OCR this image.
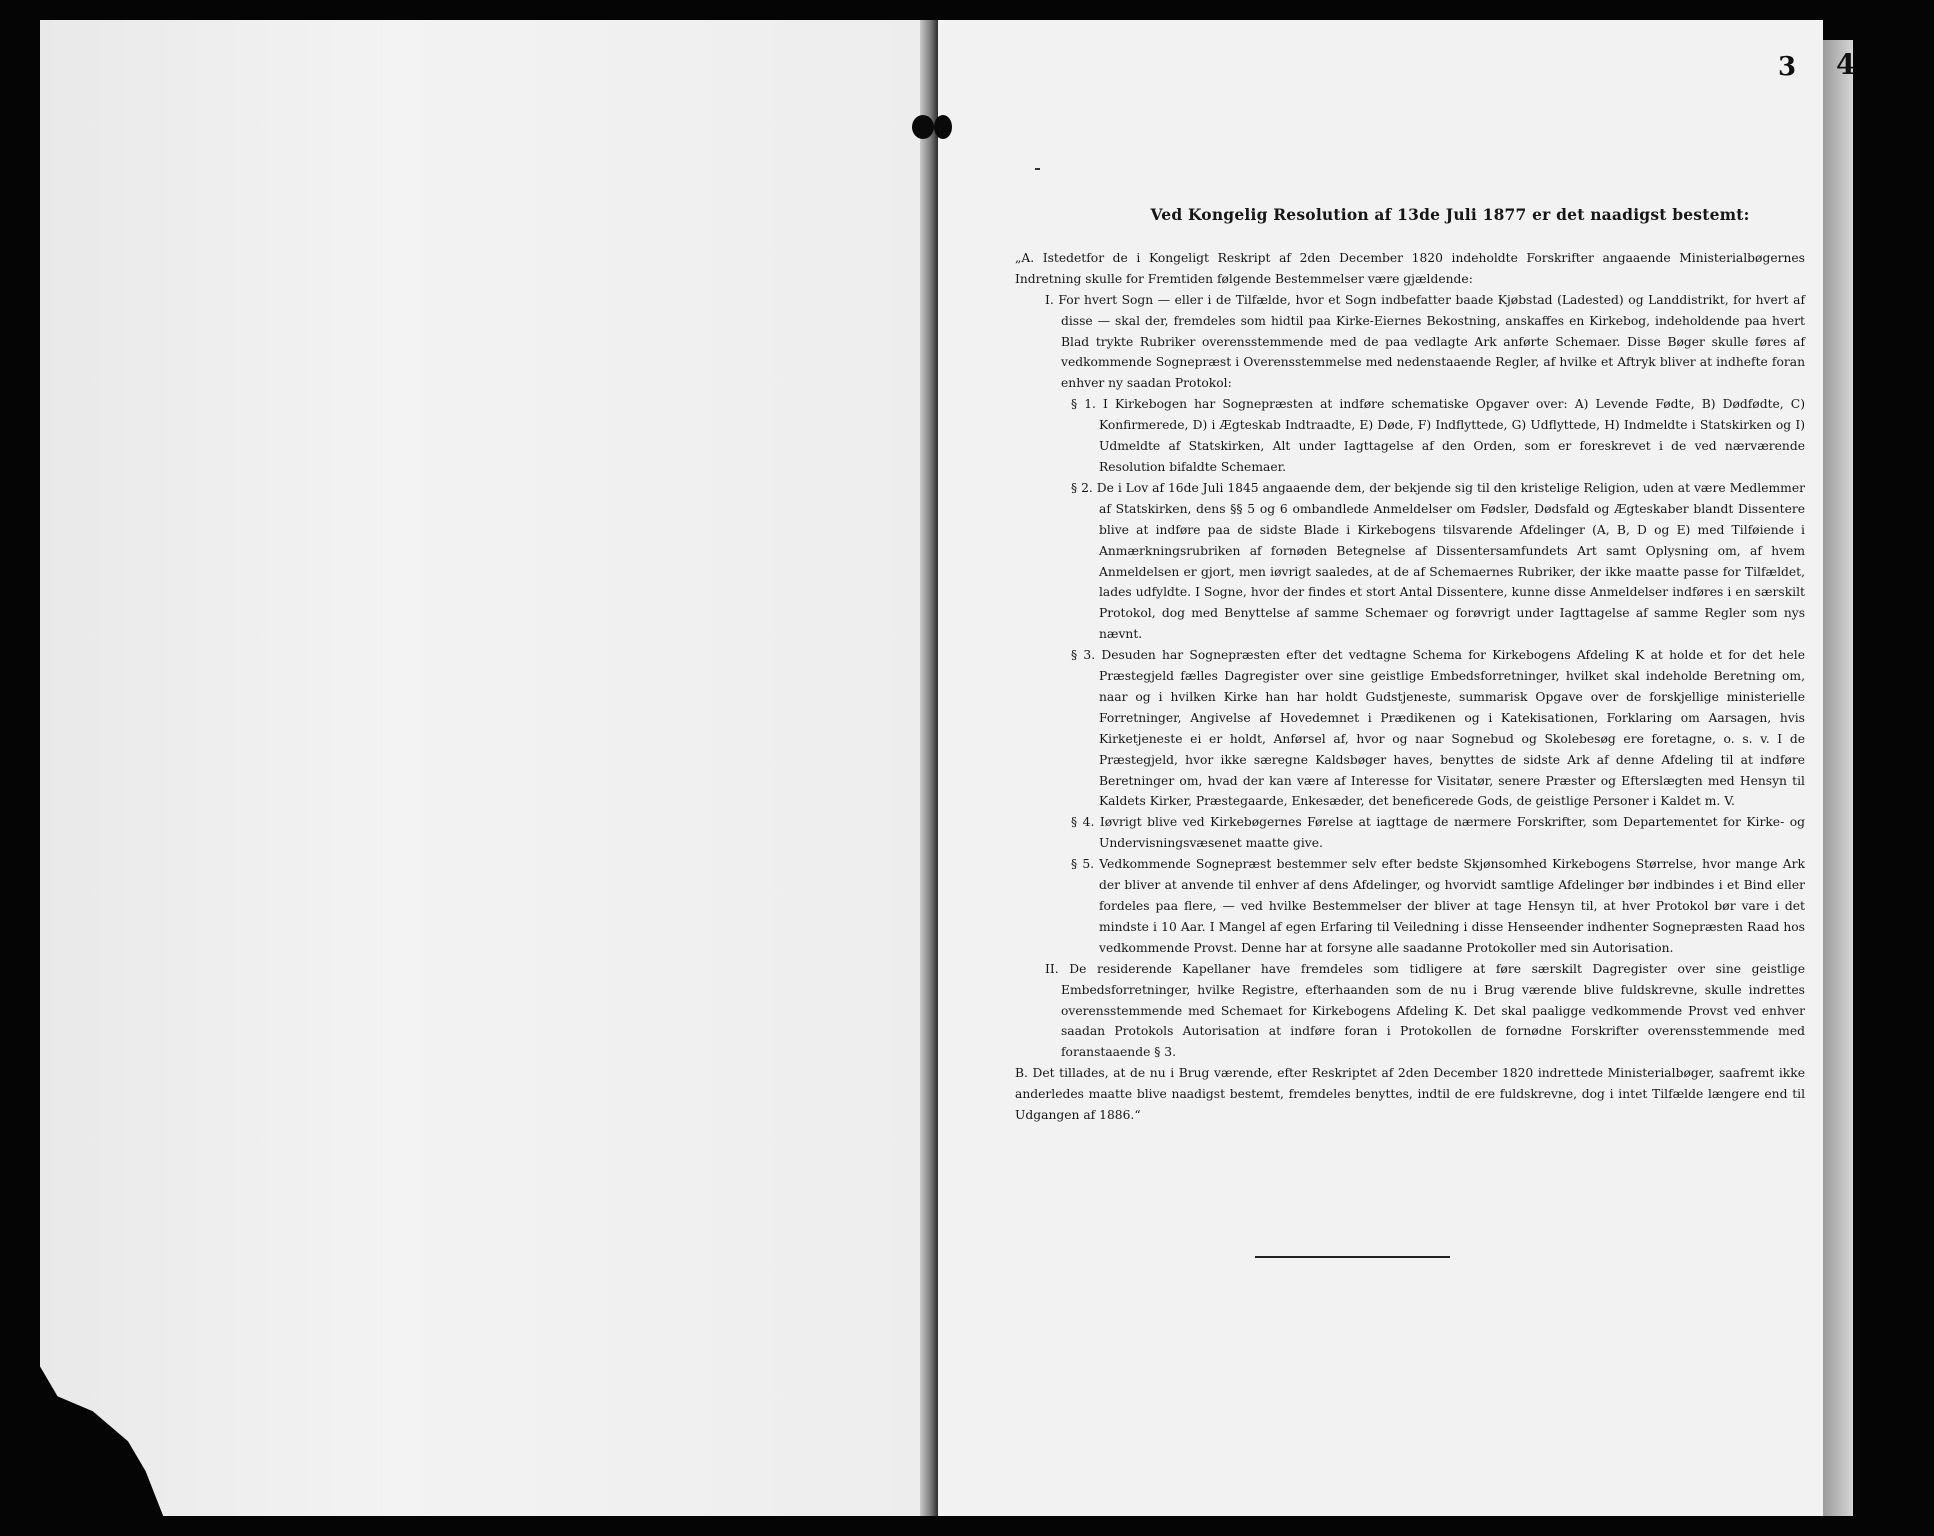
3 4
Ved Kongelig Resolution af 13de Juli 1877 er det naadigst bestemt:

„A. Istedetfor de i Kongeligt Reskript af 2den December 1820 indeholdte Forskrifter angaaende Ministerialbøgernes Indretning skulle for Fremtiden følgende Bestemmelser være gjældende:

I. For hvert Sogn — eller i de Tilfælde, hvor et Sogn indbefatter baade Kjøbstad (Ladested) og Landdistrikt, for hvert af disse — skal der, fremdeles som hidtil paa Kirke-Eiernes Bekostning, anskaffes en Kirkebog, indeholdende paa hvert Blad trykte Rubriker overensstemmende med de paa vedlagte Ark anførte Schemaer. Disse Bøger skulle føres af vedkommende Sognepræst i Overensstemmelse med nedenstaaende Regler, af hvilke et Aftryk bliver at indhefte foran enhver ny saadan Protokol:

§ 1. I Kirkebogen har Sognepræsten at indføre schematiske Opgaver over: A) Levende Fødte, B) Dødfødte, C) Konfirmerede, D) i Ægteskab Indtraadte, E) Døde, F) Indflyttede, G) Udflyttede, H) Indmeldte i Statskirken og I) Udmeldte af Statskirken, Alt under Iagttagelse af den Orden, som er foreskrevet i de ved nærværende Resolution bifaldte Schemaer.

§ 2. De i Lov af 16de Juli 1845 angaaende dem, der bekjende sig til den kristelige Religion, uden at være Medlemmer af Statskirken, dens §§ 5 og 6 ombandlede Anmeldelser om Fødsler, Dødsfald og Ægteskaber blandt Dissentere blive at indføre paa de sidste Blade i Kirkebogens tilsvarende Afdelinger (A, B, D og E) med Tilføiende i Anmærkningsrubriken af fornøden Betegnelse af Dissentersamfundets Art samt Oplysning om, af hvem Anmeldelsen er gjort, men iøvrigt saaledes, at de af Schemaernes Rubriker, der ikke maatte passe for Tilfældet, lades udfyldte. I Sogne, hvor der findes et stort Antal Dissentere, kunne disse Anmeldelser indføres i en særskilt Protokol, dog med Benyttelse af samme Schemaer og forøvrigt under Iagttagelse af samme Regler som nys nævnt.

§ 3. Desuden har Sognepræsten efter det vedtagne Schema for Kirkebogens Afdeling K at holde et for det hele Præstegjeld fælles Dagregister over sine geistlige Embedsforretninger, hvilket skal indeholde Beretning om, naar og i hvilken Kirke han har holdt Gudstjeneste, summarisk Opgave over de forskjellige ministerielle Forretninger, Angivelse af Hovedemnet i Prædikenen og i Katekisationen, Forklaring om Aarsagen, hvis Kirketjeneste ei er holdt, Anførsel af, hvor og naar Sognebud og Skolebesøg ere foretagne, o. s. v. I de Præstegjeld, hvor ikke særegne Kaldsbøger haves, benyttes de sidste Ark af denne Afdeling til at indføre Beretninger om, hvad der kan være af Interesse for Visitatør, senere Præster og Efterslægten med Hensyn til Kaldets Kirker, Præstegaarde, Enkesæder, det beneficerede Gods, de geistlige Personer i Kaldet m. V.

§ 4. Iøvrigt blive ved Kirkebøgernes Førelse at iagttage de nærmere Forskrifter, som Departementet for Kirke- og Undervisningsvæsenet maatte give.

§ 5. Vedkommende Sognepræst bestemmer selv efter bedste Skjønsomhed Kirkebogens Størrelse, hvor mange Ark der bliver at anvende til enhver af dens Afdelinger, og hvorvidt samtlige Afdelinger bør indbindes i et Bind eller fordeles paa flere, — ved hvilke Bestemmelser der bliver at tage Hensyn til, at hver Protokol bør vare i det mindste i 10 Aar. I Mangel af egen Erfaring til Veiledning i disse Henseender indhenter Sognepræsten Raad hos vedkommende Provst. Denne har at forsyne alle saadanne Protokoller med sin Autorisation.

II. De residerende Kapellaner have fremdeles som tidligere at føre særskilt Dagregister over sine geistlige Embedsforretninger, hvilke Registre, efterhaanden som de nu i Brug værende blive fuldskrevne, skulle indrettes overensstemmende med Schemaet for Kirkebogens Afdeling K. Det skal paaligge vedkommende Provst ved enhver saadan Protokols Autorisation at indføre foran i Protokollen de fornødne Forskrifter overensstemmende med foranstaaende § 3.

B. Det tillades, at de nu i Brug værende, efter Reskriptet af 2den December 1820 indrettede Ministerialbøger, saafremt ikke anderledes maatte blive naadigst bestemt, fremdeles benyttes, indtil de ere fuldskrevne, dog i intet Tilfælde længere end til Udgangen af 1886.“
